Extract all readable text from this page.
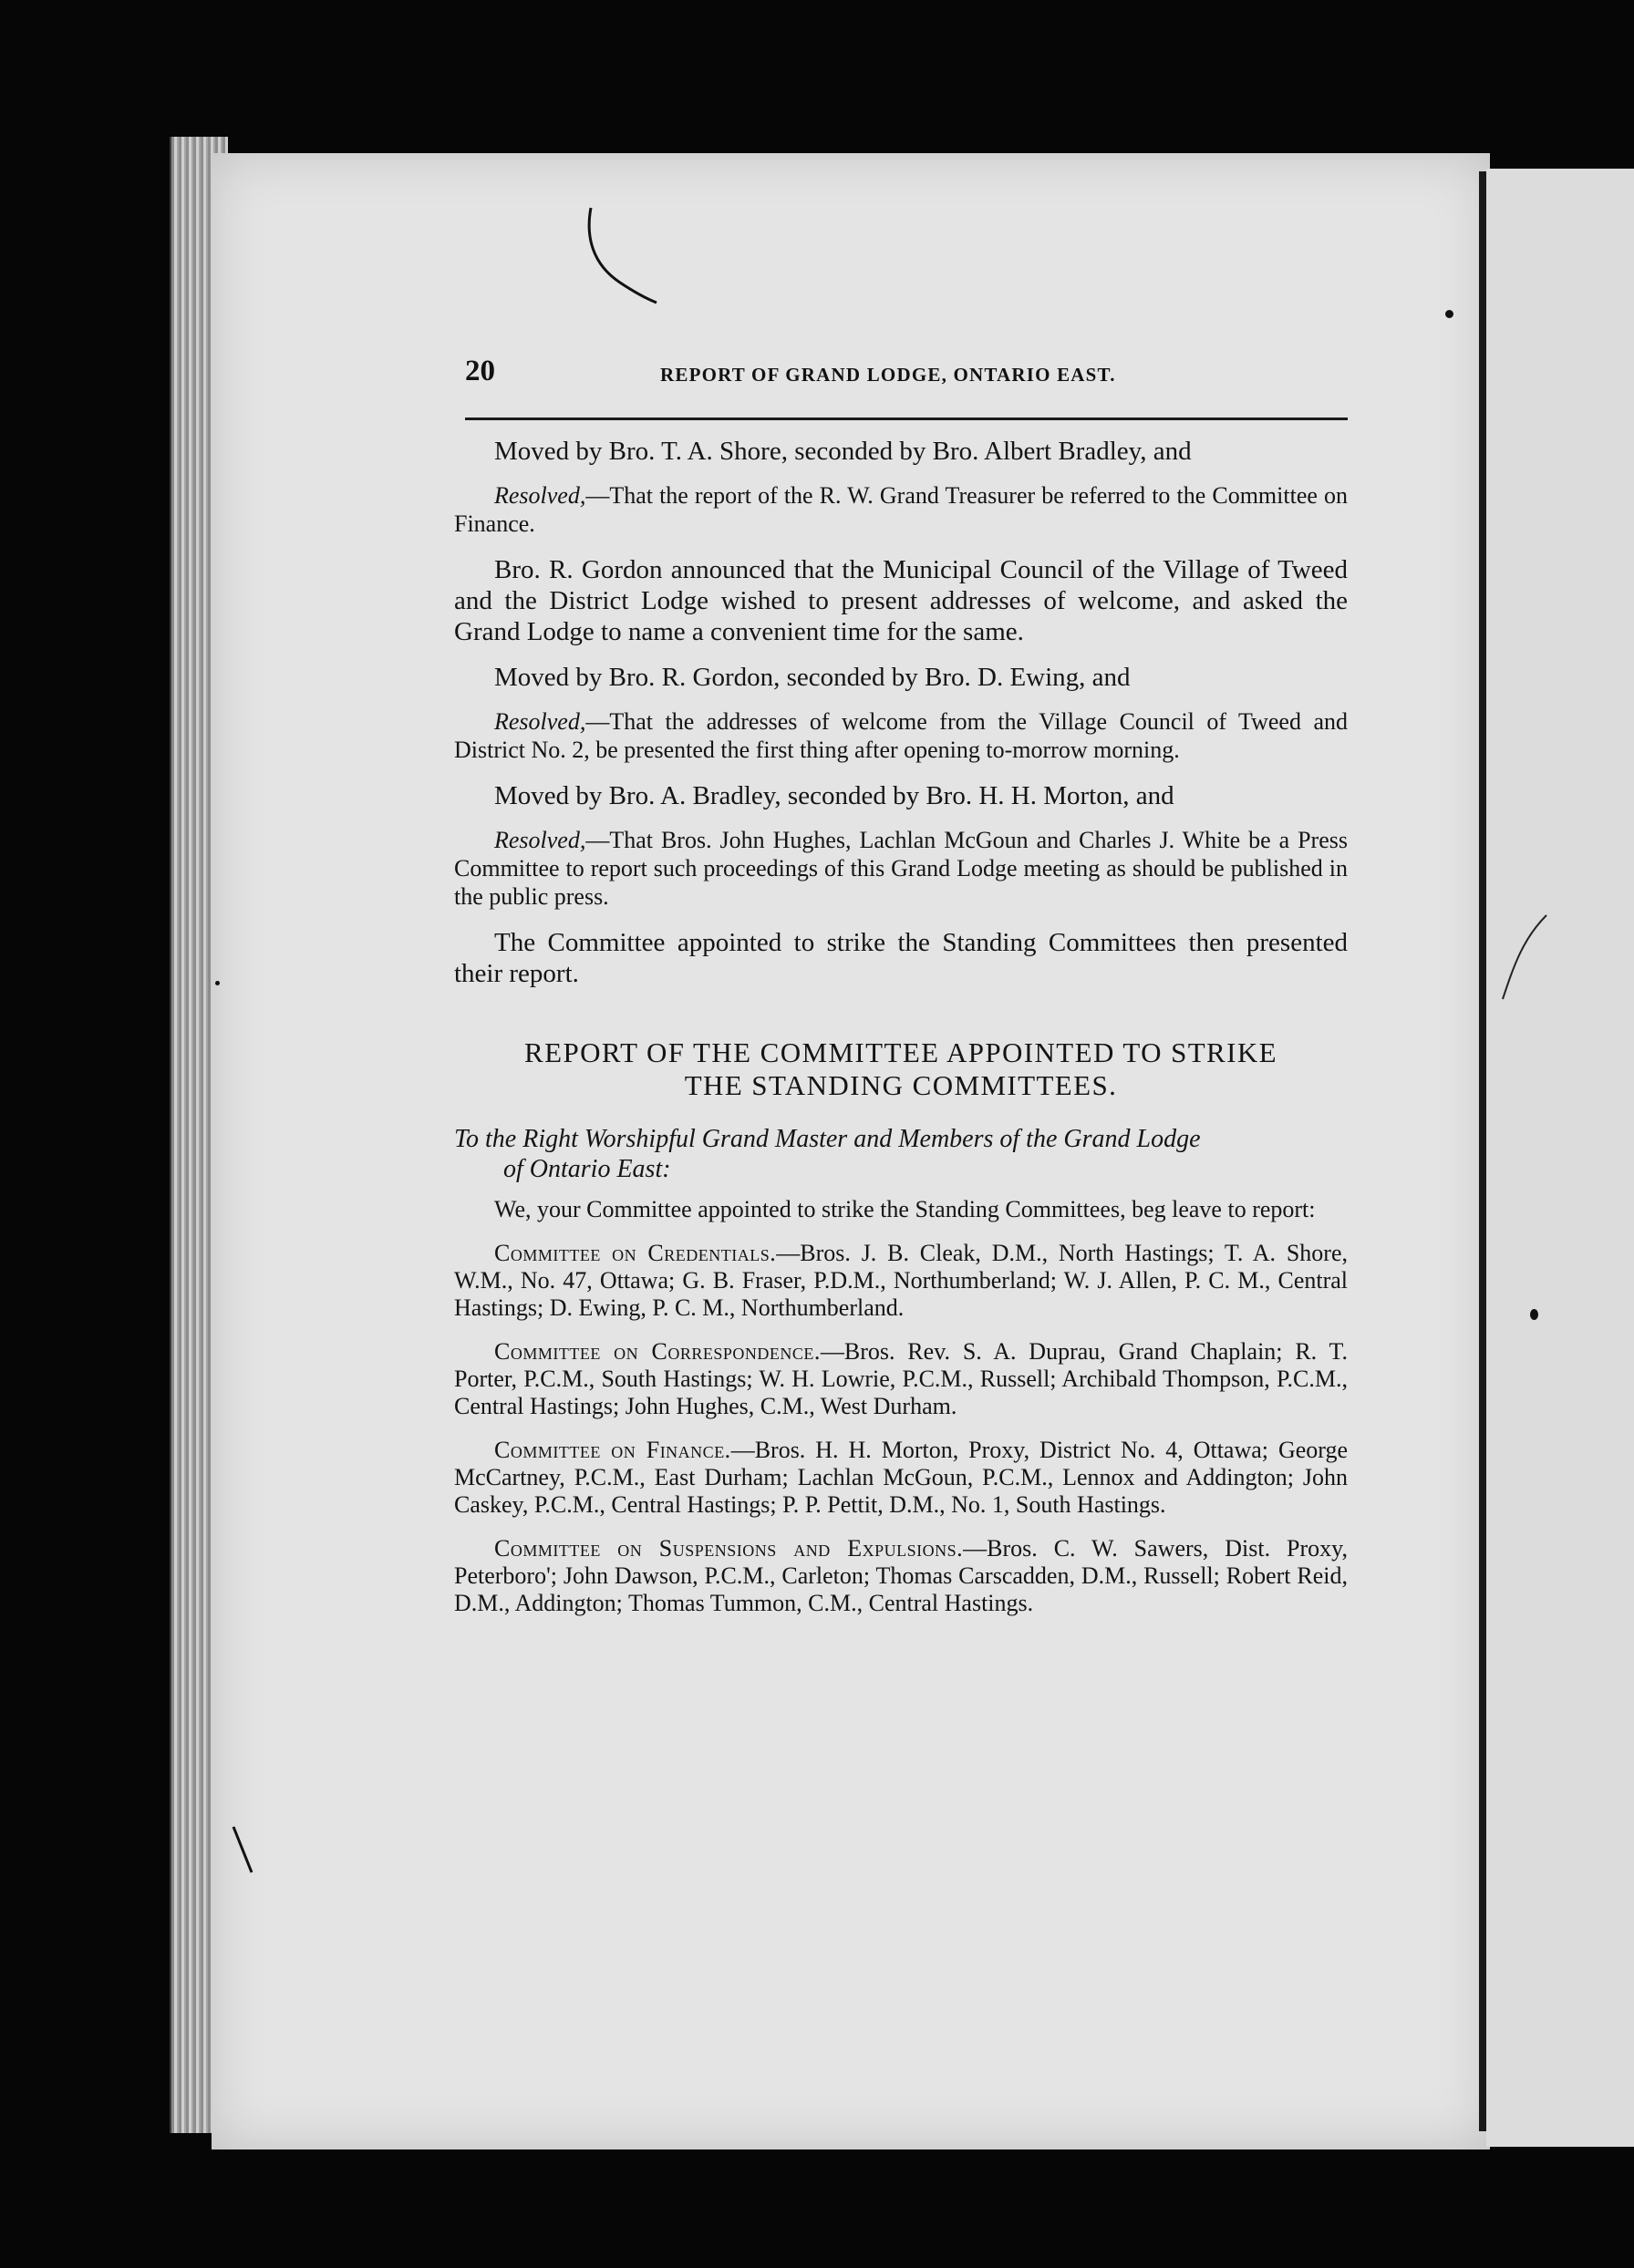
20	REPORT OF GRAND LODGE, ONTARIO EAST.

Moved by Bro. T. A. Shore, seconded by Bro. Albert Bradley, and

Resolved,—That the report of the R. W. Grand Treasurer be referred to the Committee on Finance.

Bro. R. Gordon announced that the Municipal Council of the Village of Tweed and the District Lodge wished to present addresses of welcome, and asked the Grand Lodge to name a convenient time for the same.

Moved by Bro. R. Gordon, seconded by Bro. D. Ewing, and

Resolved,—That the addresses of welcome from the Village Council of Tweed and District No. 2, be presented the first thing after opening to-morrow morning.

Moved by Bro. A. Bradley, seconded by Bro. H. H. Morton, and

Resolved,—That Bros. John Hughes, Lachlan McGoun and Charles J. White be a Press Committee to report such proceedings of this Grand Lodge meeting as should be published in the public press.

The Committee appointed to strike the Standing Committees then presented their report.

REPORT OF THE COMMITTEE APPOINTED TO STRIKE
THE STANDING COMMITTEES.

To the Right Worshipful Grand Master and Members of the Grand Lodge
of Ontario East:

We, your Committee appointed to strike the Standing Committees, beg leave to report:

Committee on Credentials.—Bros. J. B. Cleak, D.M., North Hastings; T. A. Shore, W.M., No. 47, Ottawa; G. B. Fraser, P.D.M., Northumberland; W. J. Allen, P. C. M., Central Hastings; D. Ewing, P. C. M., Northumberland.

Committee on Correspondence.—Bros. Rev. S. A. Duprau, Grand Chaplain; R. T. Porter, P.C.M., South Hastings; W. H. Lowrie, P.C.M., Russell; Archibald Thompson, P.C.M., Central Hastings; John Hughes, C.M., West Durham.

Committee on Finance.—Bros. H. H. Morton, Proxy, District No. 4, Ottawa; George McCartney, P.C.M., East Durham; Lachlan McGoun, P.C.M., Lennox and Addington; John Caskey, P.C.M., Central Hastings; P. P. Pettit, D.M., No. 1, South Hastings.

Committee on Suspensions and Expulsions.—Bros. C. W. Sawers, Dist. Proxy, Peterboro'; John Dawson, P.C.M., Carleton; Thomas Carscadden, D.M., Russell; Robert Reid, D.M., Addington; Thomas Tummon, C.M., Central Hastings.
